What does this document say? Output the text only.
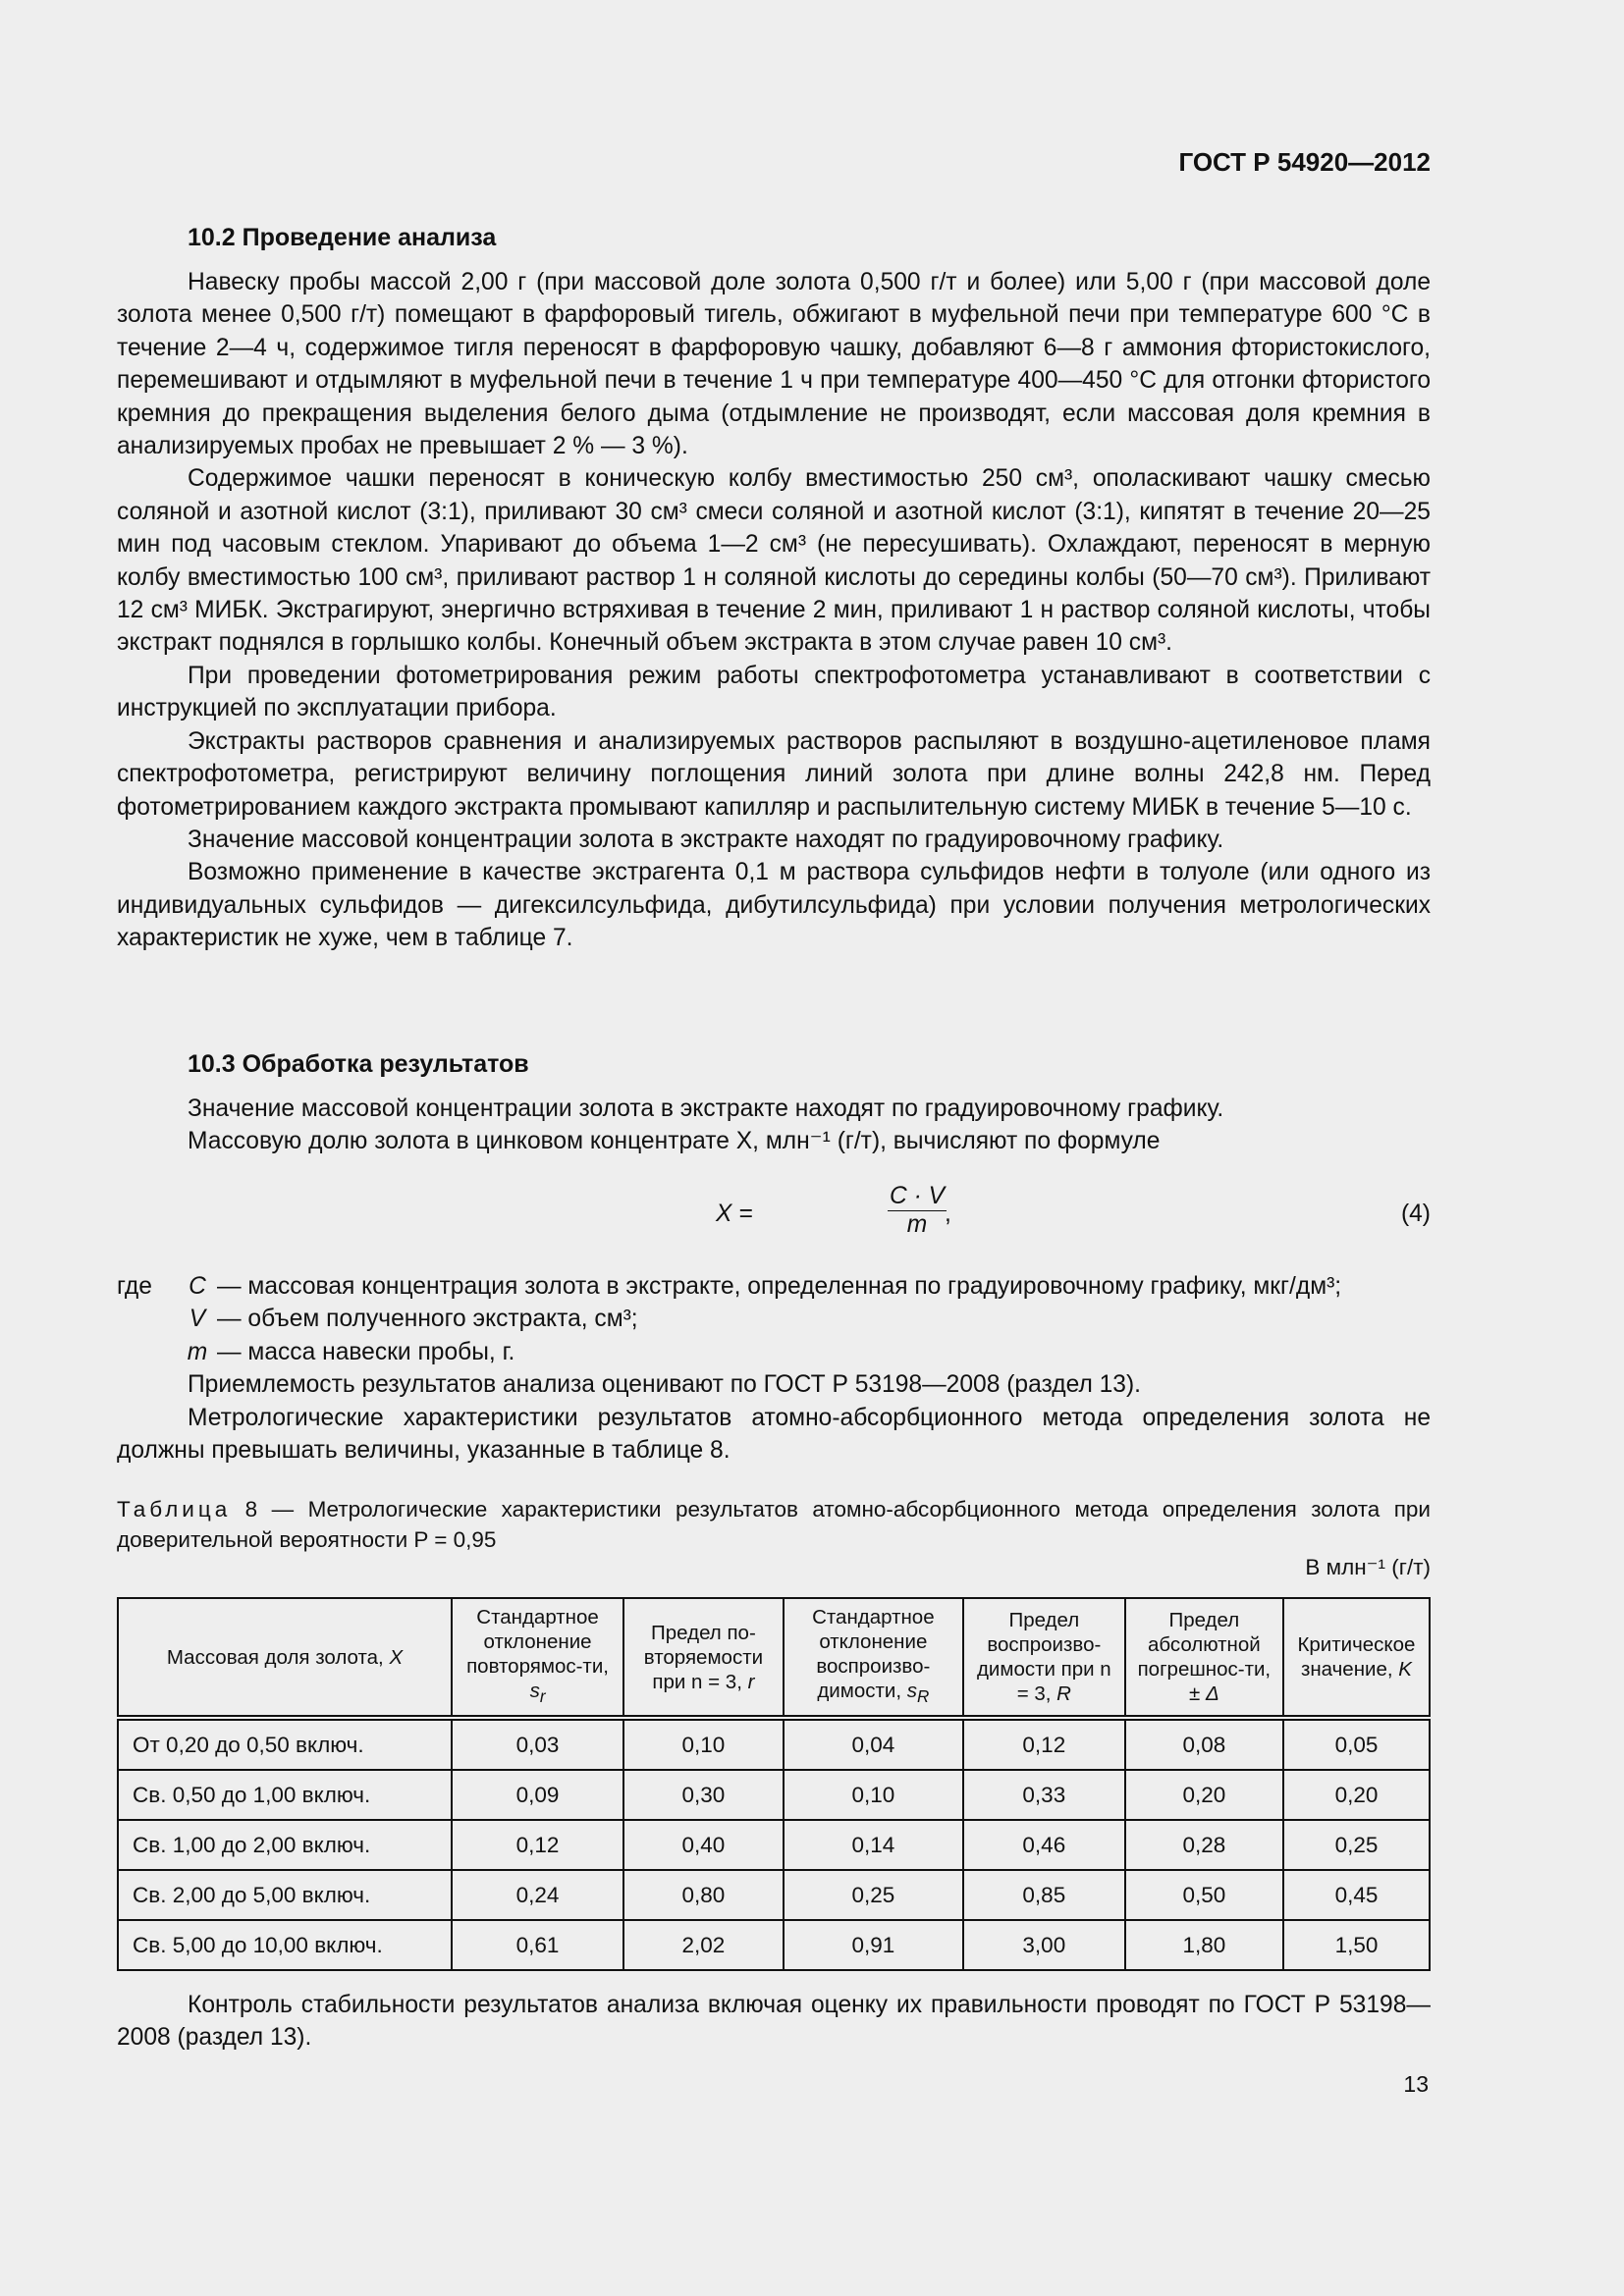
ГОСТ Р 54920—2012
10.2 Проведение анализа

Навеску пробы массой 2,00 г (при массовой доле золота 0,500 г/т и более) или 5,00 г (при массовой доле золота менее 0,500 г/т) помещают в фарфоровый тигель, обжигают в муфельной печи при температуре 600 °С в течение 2—4 ч, содержимое тигля переносят в фарфоровую чашку, добавляют 6—8 г аммония фтористокислого, перемешивают и отдымляют в муфельной печи в течение 1 ч при температуре 400—450 °С для отгонки фтористого кремния до прекращения выделения белого дыма (отдымление не производят, если массовая доля кремния в анализируемых пробах не превышает 2 % — 3 %).

Содержимое чашки переносят в коническую колбу вместимостью 250 см³, ополаскивают чашку смесью соляной и азотной кислот (3:1), приливают 30 см³ смеси соляной и азотной кислот (3:1), кипятят в течение 20—25 мин под часовым стеклом. Упаривают до объема 1—2 см³ (не пересушивать). Охлаждают, переносят в мерную колбу вместимостью 100 см³, приливают раствор 1 н соляной кислоты до середины колбы (50—70 см³). Приливают 12 см³ МИБК. Экстрагируют, энергично встряхивая в течение 2 мин, приливают 1 н раствор соляной кислоты, чтобы экстракт поднялся в горлышко колбы. Конечный объем экстракта в этом случае равен 10 см³.

При проведении фотометрирования режим работы спектрофотометра устанавливают в соответствии с инструкцией по эксплуатации прибора.

Экстракты растворов сравнения и анализируемых растворов распыляют в воздушно-ацетиленовое пламя спектрофотометра, регистрируют величину поглощения линий золота при длине волны 242,8 нм. Перед фотометрированием каждого экстракта промывают капилляр и распылительную систему МИБК в течение 5—10 с.

Значение массовой концентрации золота в экстракте находят по градуировочному графику.

Возможно применение в качестве экстрагента 0,1 м раствора сульфидов нефти в толуоле (или одного из индивидуальных сульфидов — дигексилсульфида, дибутилсульфида) при условии получения метрологических характеристик не хуже, чем в таблице 7.

10.3 Обработка результатов

Значение массовой концентрации золота в экстракте находят по градуировочному графику.

Массовую долю золота в цинковом концентрате X, млн⁻¹ (г/т), вычисляют по формуле

X =	$\frac{C \cdot V}{m}$
,	(4)
где	C — массовая концентрация золота в экстракте, определенная по градуировочному графику, мкг/дм³;
V — объем полученного экстракта, см³;
m — масса навески пробы, г.

Приемлемость результатов анализа оценивают по ГОСТ Р 53198—2008 (раздел 13).

Метрологические характеристики результатов атомно-абсорбционного метода определения золота не должны превышать величины, указанные в таблице 8.

Таблица 8 — Метрологические характеристики результатов атомно-абсорбционного метода определения золота при доверительной вероятности P = 0,95
В млн⁻¹ (г/т)
Массовая доля золота, X	Стандартное отклонение повторямос-ти, $s_r$	Предел по-вторяемости при n = 3, r	Стандартное отклонение воспроизво-димости, $s_R$	Предел воспроизво-димости при n = 3, R	Предел абсолютной погрешнос-ти, ± Δ	Критическое значение, K
От 0,20 до 0,50 включ.	0,03	0,10	0,04	0,12	0,08	0,05
Св. 0,50 до 1,00 включ.	0,09	0,30	0,10	0,33	0,20	0,20
Св. 1,00 до 2,00 включ.	0,12	0,40	0,14	0,46	0,28	0,25
Св. 2,00 до 5,00 включ.	0,24	0,80	0,25	0,85	0,50	0,45
Св. 5,00 до 10,00 включ.	0,61	2,02	0,91	3,00	1,80	1,50

Контроль стабильности результатов анализа включая оценку их правильности проводят по ГОСТ Р 53198—2008 (раздел 13).

13
